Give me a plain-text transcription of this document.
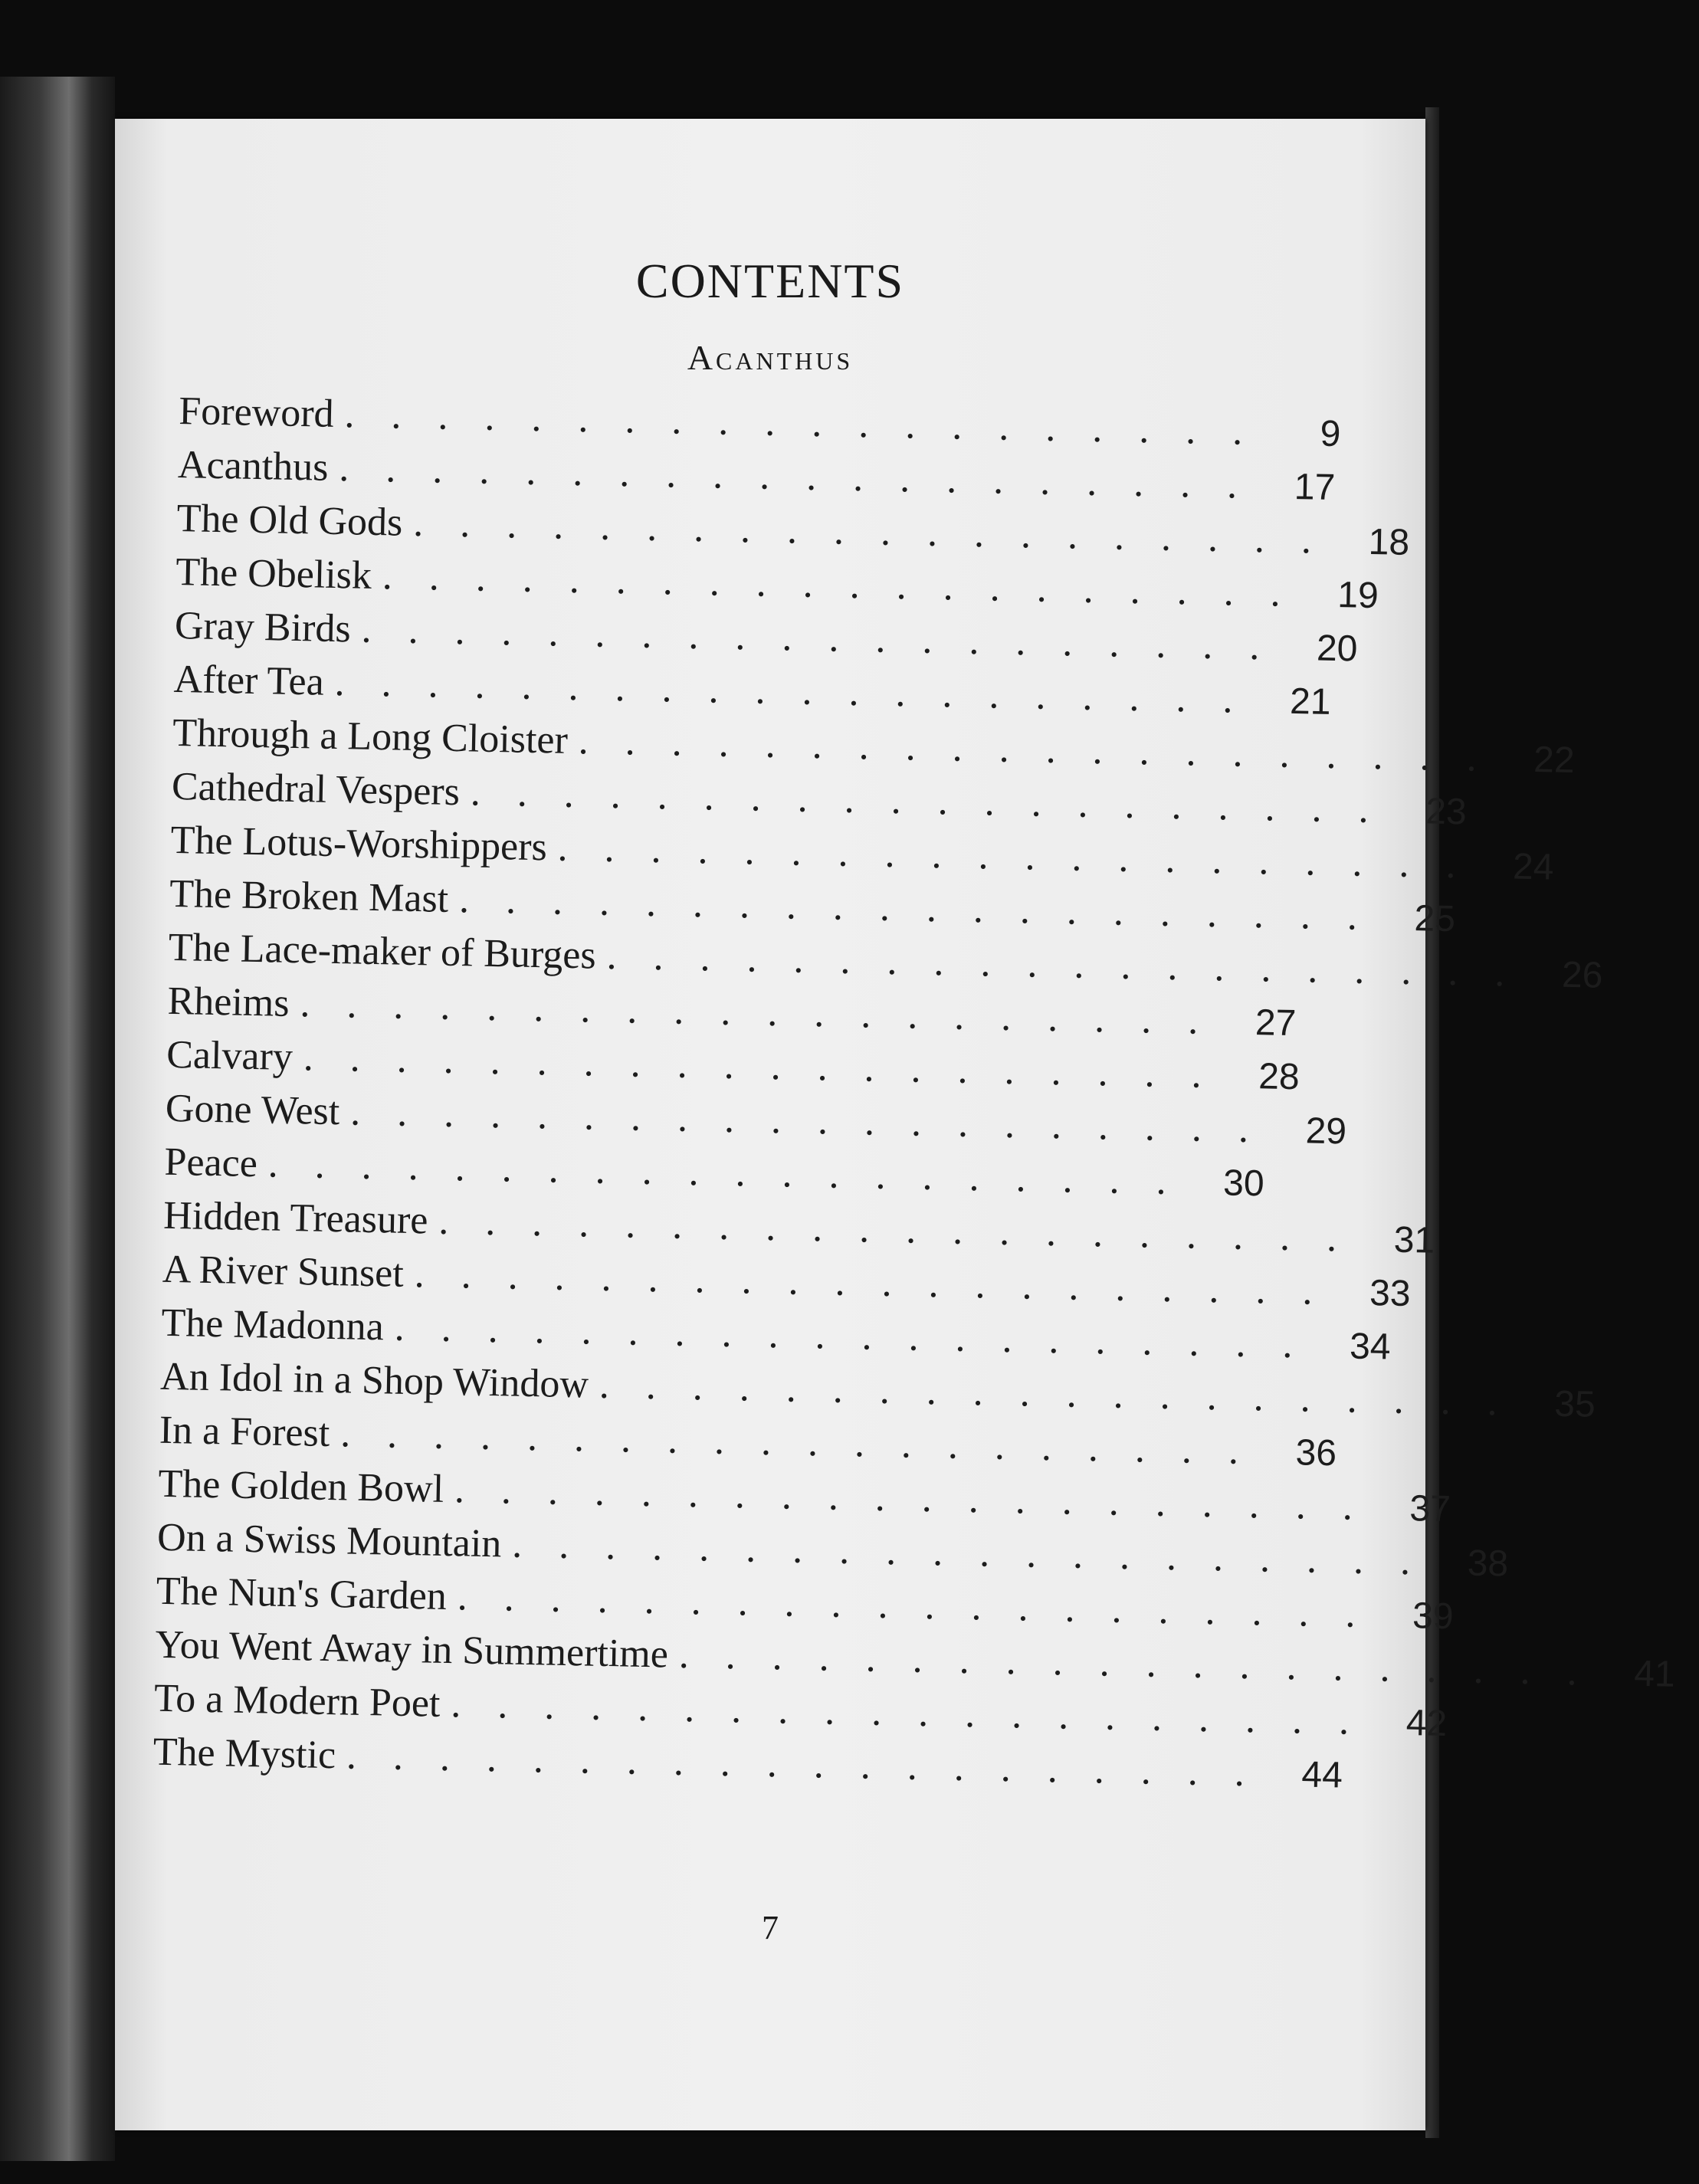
CONTENTS
Acanthus
Foreword ....................	9
Acanthus .................... 17
The Old Gods .................... 18
The Obelisk .................... 19
Gray Birds .................... 20
After Tea .................... 21
Through a Long Cloister .................... 22
Cathedral Vespers .................... 23
The Lotus-Worshippers .................... 24
The Broken Mast .................... 25
The Lace-maker of Burges .................... 26
Rheims .................... 27
Calvary .................... 28
Gone West .................... 29
Peace .................... 30
Hidden Treasure .................... 31
A River Sunset .................... 33
The Madonna .................... 34
An Idol in a Shop Window .................... 35
In a Forest .................... 36
The Golden Bowl .................... 37
On a Swiss Mountain .................... 38
The Nun's Garden .................... 39
You Went Away in Summertime .................... 41
To a Modern Poet .................... 42
The Mystic .................... 44
7
